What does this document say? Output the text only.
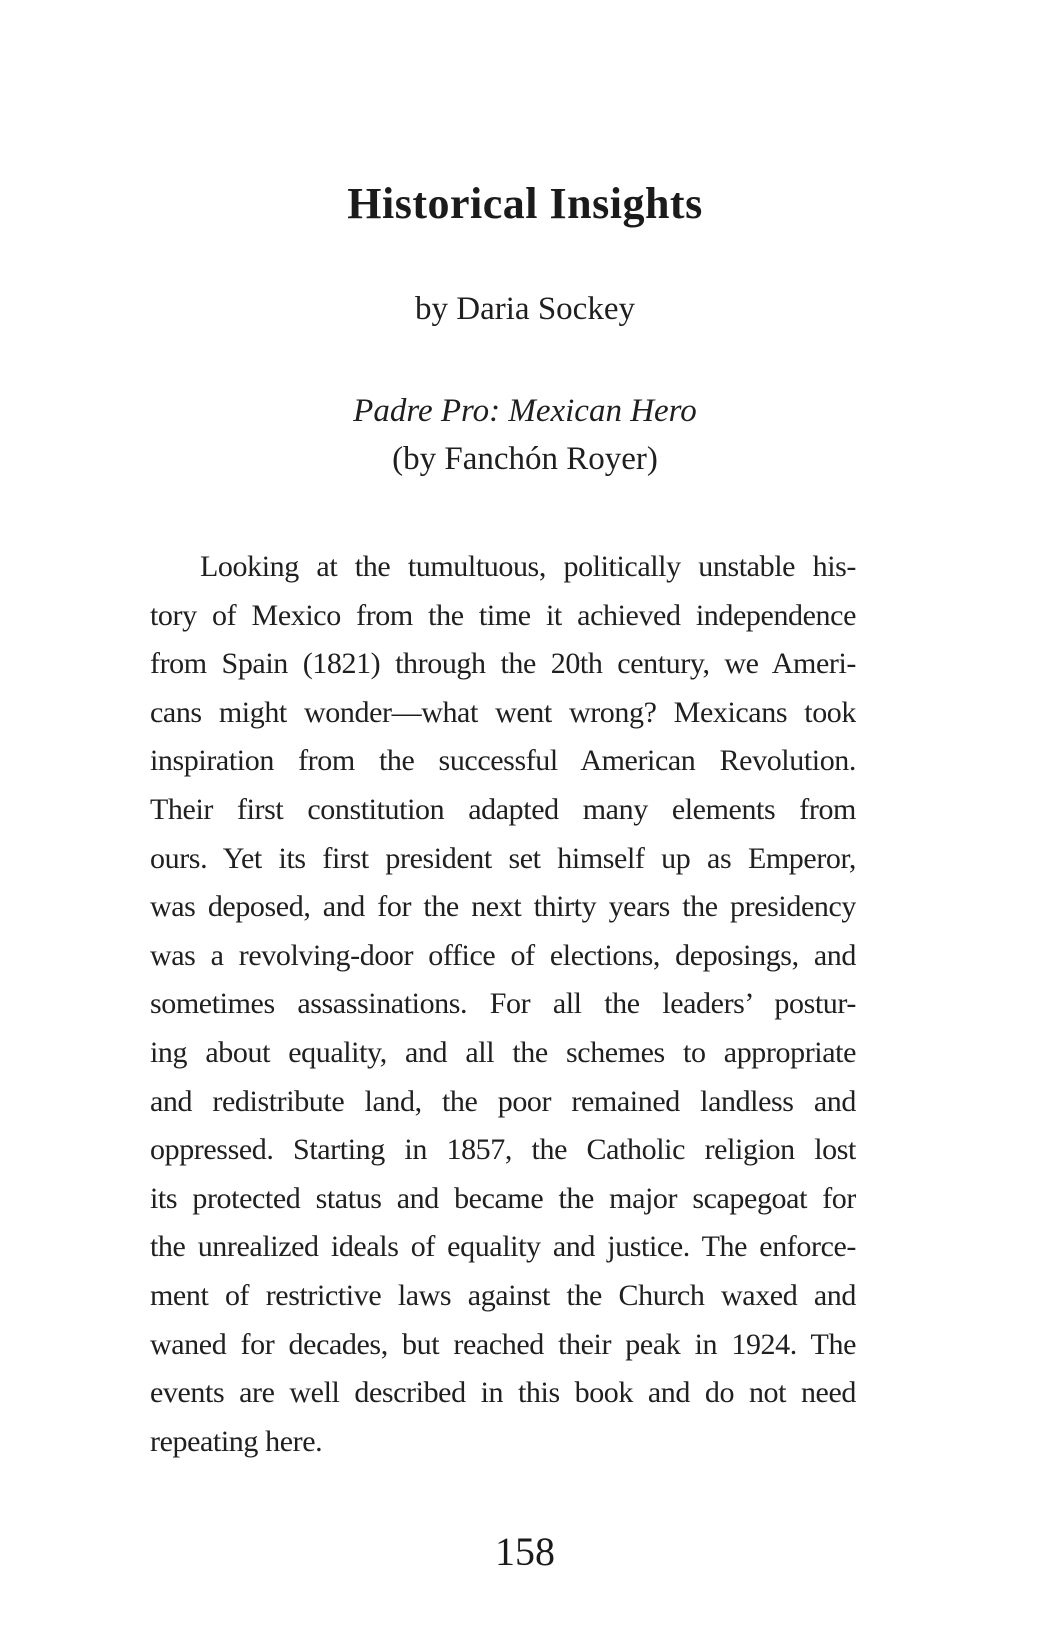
Historical Insights
by Daria Sockey
Padre Pro: Mexican Hero
(by Fanchón Royer)
Looking at the tumultuous, politically unstable his-
tory of Mexico from the time it achieved independence
from Spain (1821) through the 20th century, we Ameri-
cans might wonder—what went wrong? Mexicans took
inspiration from the successful American Revolution.
Their first constitution adapted many elements from
ours. Yet its first president set himself up as Emperor,
was deposed, and for the next thirty years the presidency
was a revolving-door office of elections, deposings, and
sometimes assassinations. For all the leaders’ postur-
ing about equality, and all the schemes to appropriate
and redistribute land, the poor remained landless and
oppressed. Starting in 1857, the Catholic religion lost
its protected status and became the major scapegoat for
the unrealized ideals of equality and justice. The enforce-
ment of restrictive laws against the Church waxed and
waned for decades, but reached their peak in 1924. The
events are well described in this book and do not need
repeating here.
158
